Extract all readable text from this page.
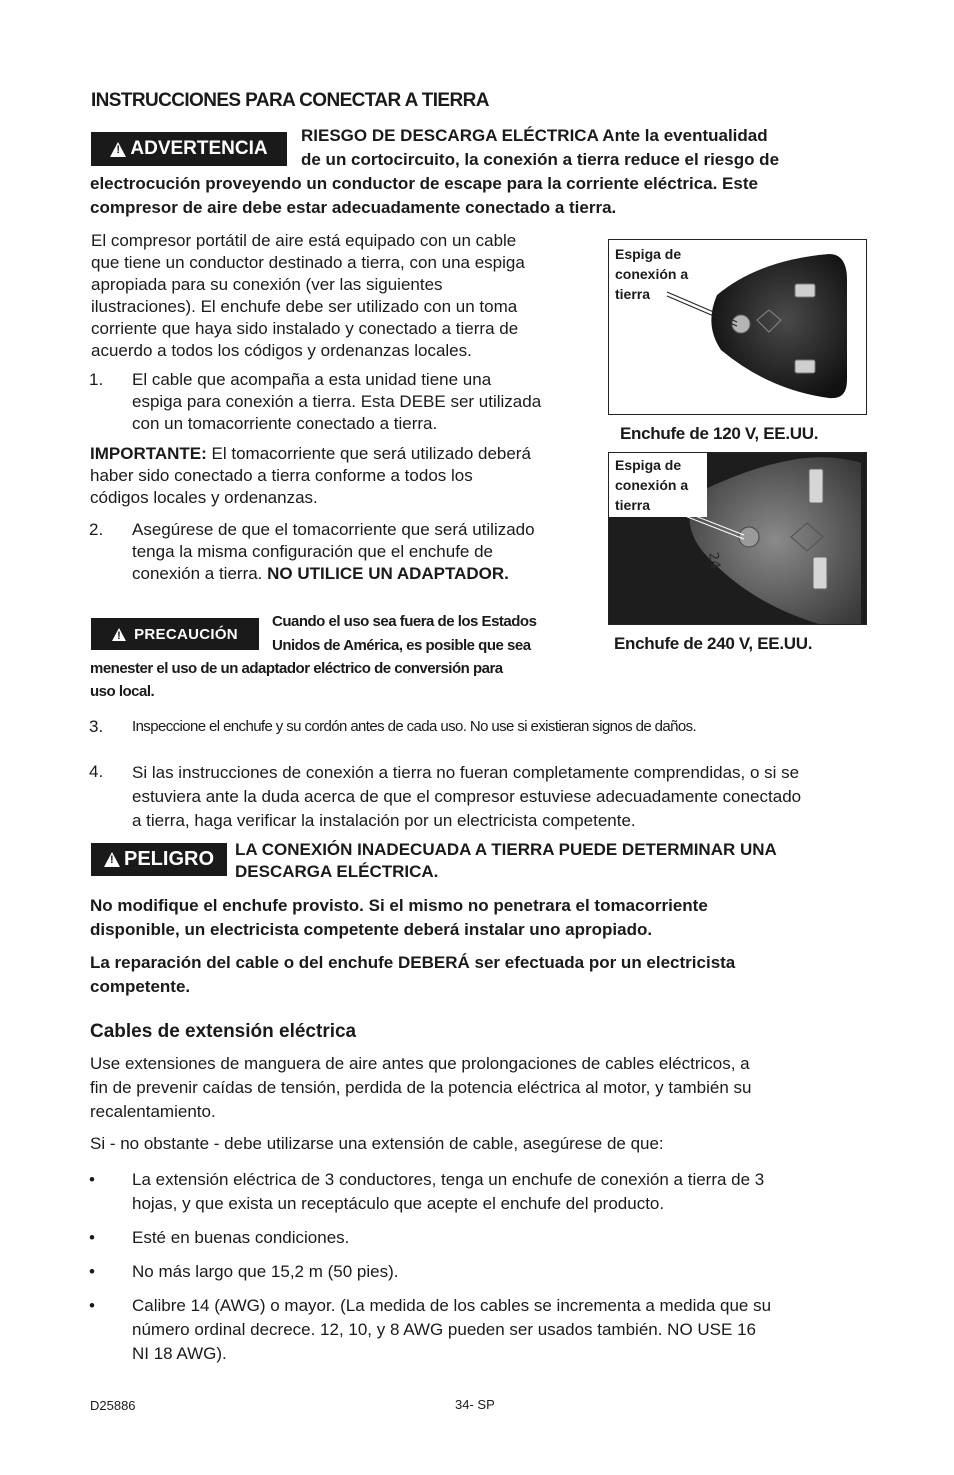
INSTRUCCIONES PARA CONECTAR A TIERRA
!
ADVERTENCIA
RIESGO DE DESCARGA ELÉCTRICA Ante la eventualidad
de un cortocircuito, la conexión a tierra reduce el riesgo de
electrocución proveyendo un conductor de escape para la corriente eléctrica. Este
compresor de aire debe estar adecuadamente conectado a tierra.
El compresor portátil de aire está equipado con un cable
que tiene un conductor destinado a tierra, con una espiga
apropiada para su conexión (ver las siguientes
ilustraciones). El enchufe debe ser utilizado con un toma
corriente que haya sido instalado y conectado a tierra de
acuerdo a todos los códigos y ordenanzas locales.
1. El cable que acompaña a esta unidad tiene una
espiga para conexión a tierra. Esta DEBE ser utilizada
con un tomacorriente conectado a tierra.
IMPORTANTE: El tomacorriente que será utilizado deberá
haber sido conectado a tierra conforme a todos los
códigos locales y ordenanzas.
2. Asegúrese de que el tomacorriente que será utilizado
tenga la misma configuración que el enchufe de
conexión a tierra. NO UTILICE UN ADAPTADOR.
!
PRECAUCIÓN
Cuando el uso sea fuera de los Estados
Unidos de América, es posible que sea
menester el uso de un adaptador eléctrico de conversión para
uso local.
Espiga de
conexión a
tierra
Enchufe de 120 V, EE.UU.
24
Espiga de
conexión a
tierra
Enchufe de 240 V, EE.UU.
3. Inspeccione el enchufe y su cordón antes de cada uso. No use si existieran signos de daños.
4. Si las instrucciones de conexión a tierra no fueran completamente comprendidas, o si se
estuviera ante la duda acerca de que el compresor estuviese adecuadamente conectado
a tierra, haga verificar la instalación por un electricista competente.
!
PELIGRO LA CONEXIÓN INADECUADA A TIERRA PUEDE DETERMINAR UNA
DESCARGA ELÉCTRICA.
No modifique el enchufe provisto. Si el mismo no penetrara el tomacorriente
disponible, un electricista competente deberá instalar uno apropiado.
La reparación del cable o del enchufe DEBERÁ ser efectuada por un electricista
competente.
Cables de extensión eléctrica
Use extensiones de manguera de aire antes que prolongaciones de cables eléctricos, a
fin de prevenir caídas de tensión, perdida de la potencia eléctrica al motor, y también su
recalentamiento.
Si - no obstante - debe utilizarse una extensión de cable, asegúrese de que:
• La extensión eléctrica de 3 conductores, tenga un enchufe de conexión a tierra de 3
hojas, y que exista un receptáculo que acepte el enchufe del producto.
• Esté en buenas condiciones.
• No más largo que 15,2 m (50 pies).
• Calibre 14 (AWG) o mayor. (La medida de los cables se incrementa a medida que su
número ordinal decrece. 12, 10, y 8 AWG pueden ser usados también. NO USE 16
NI 18 AWG).
D25886	34- SP
